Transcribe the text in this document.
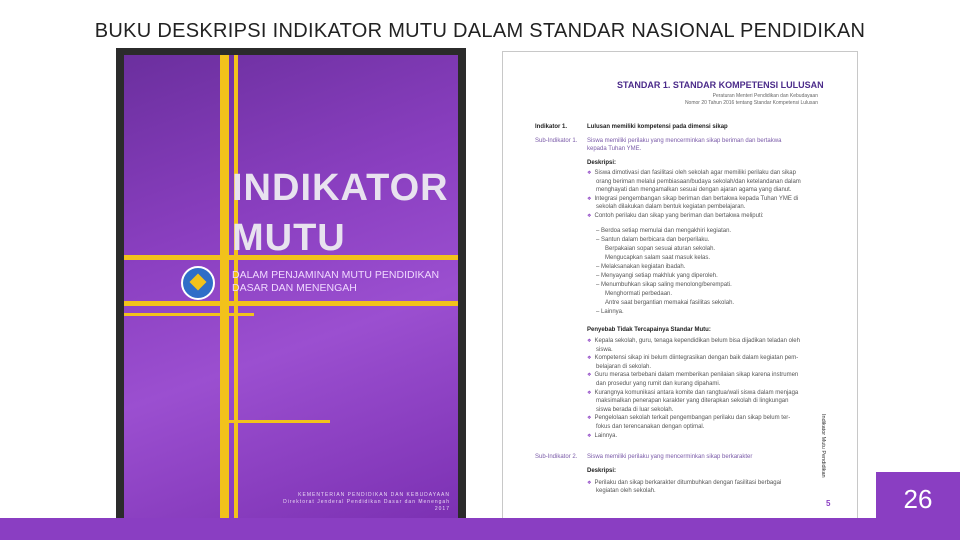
BUKU DESKRIPSI INDIKATOR MUTU DALAM STANDAR NASIONAL PENDIDIKAN
INDIKATOR
MUTU
DALAM PENJAMINAN MUTU PENDIDIKAN
DASAR DAN MENENGAH
KEMENTERIAN PENDIDIKAN DAN KEBUDAYAAN
Direktorat Jenderal Pendidikan Dasar dan Menengah
2017
STANDAR 1. STANDAR KOMPETENSI LULUSAN
Peraturan Menteri Pendidikan dan Kebudayaan
Nomor 20 Tahun 2016 tentang Standar Kompetensi Lulusan
Indikator 1.	Lulusan memiliki kompetensi pada dimensi sikap
Sub-Indikator 1. Siswa memiliki perilaku yang mencerminkan sikap beriman dan bertakwa
kepada Tuhan YME.
Deskripsi:
Penyebab Tidak Tercapainya Standar Mutu:
Sub-Indikator 2. Siswa memiliki perilaku yang mencerminkan sikap berkarakter
Deskripsi:
❖ Perilaku dan sikap berkarakter ditumbuhkan dengan fasilitasi berbagai
kegiatan oleh sekolah.
Indikator Mutu Pendidikan
5	26
❖ Siswa dimotivasi dan fasilitasi oleh sekolah agar memiliki perilaku dan sikap
orang beriman melalui pembiasaan/budaya sekolah/dan ketelandanan dalam
menghayati dan mengamalkan sesuai dengan ajaran agama yang dianut.
❖ Integrasi pengembangan sikap beriman dan bertakwa kepada Tuhan YME di
sekolah dilakukan dalam bentuk kegiatan pembelajaran.
❖ Contoh perilaku dan sikap yang beriman dan bertakwa meliputi:
– Berdoa setiap memulai dan mengakhiri kegiatan.
– Santun dalam berbicara dan berperilaku.
Berpakaian sopan sesuai aturan sekolah.
Mengucapkan salam saat masuk kelas.
– Melaksanakan kegiatan ibadah.
– Menyayangi setiap makhluk yang diperoleh.
– Menumbuhkan sikap saling menolong/berempati.
Menghormati perbedaan.
Antre saat bergantian memakai fasilitas sekolah.
– Lainnya.
❖ Kepala sekolah, guru, tenaga kependidikan belum bisa dijadikan teladan oleh
siswa.
❖ Kompetensi sikap ini belum diintegrasikan dengan baik dalam kegiatan pem-
belajaran di sekolah.
❖ Guru merasa terbebani dalam memberikan penilaian sikap karena instrumen
dan prosedur yang rumit dan kurang dipahami.
❖ Kurangnya komunikasi antara komite dan rangtua/wali siswa dalam menjaga
maksimalkan penerapan karakter yang diterapkan sekolah di lingkungan
siswa berada di luar sekolah.
❖ Pengelolaan sekolah terkait pengembangan perilaku dan sikap belum ter-
fokus dan terencanakan dengan optimal.
❖ Lainnya.
